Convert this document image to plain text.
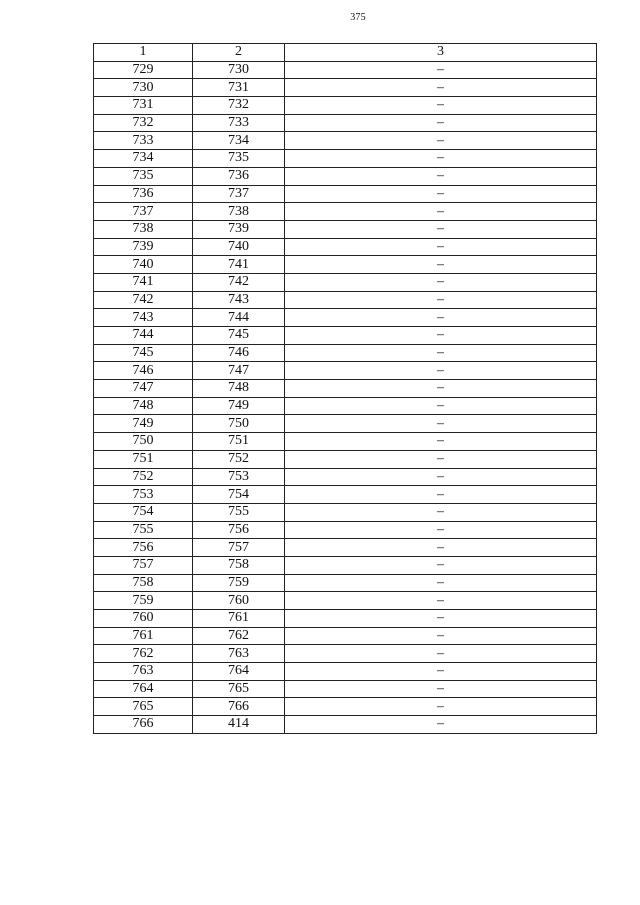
375
1	2	3
729	730	–
730	731	–
731	732	–
732	733	–
733	734	–
734	735	–
735	736	–
736	737	–
737	738	–
738	739	–
739	740	–
740	741	–
741	742	–
742	743	–
743	744	–
744	745	–
745	746	–
746	747	–
747	748	–
748	749	–
749	750	–
750	751	–
751	752	–
752	753	–
753	754	–
754	755	–
755	756	–
756	757	–
757	758	–
758	759	–
759	760	–
760	761	–
761	762	–
762	763	–
763	764	–
764	765	–
765	766	–
766	414	–
